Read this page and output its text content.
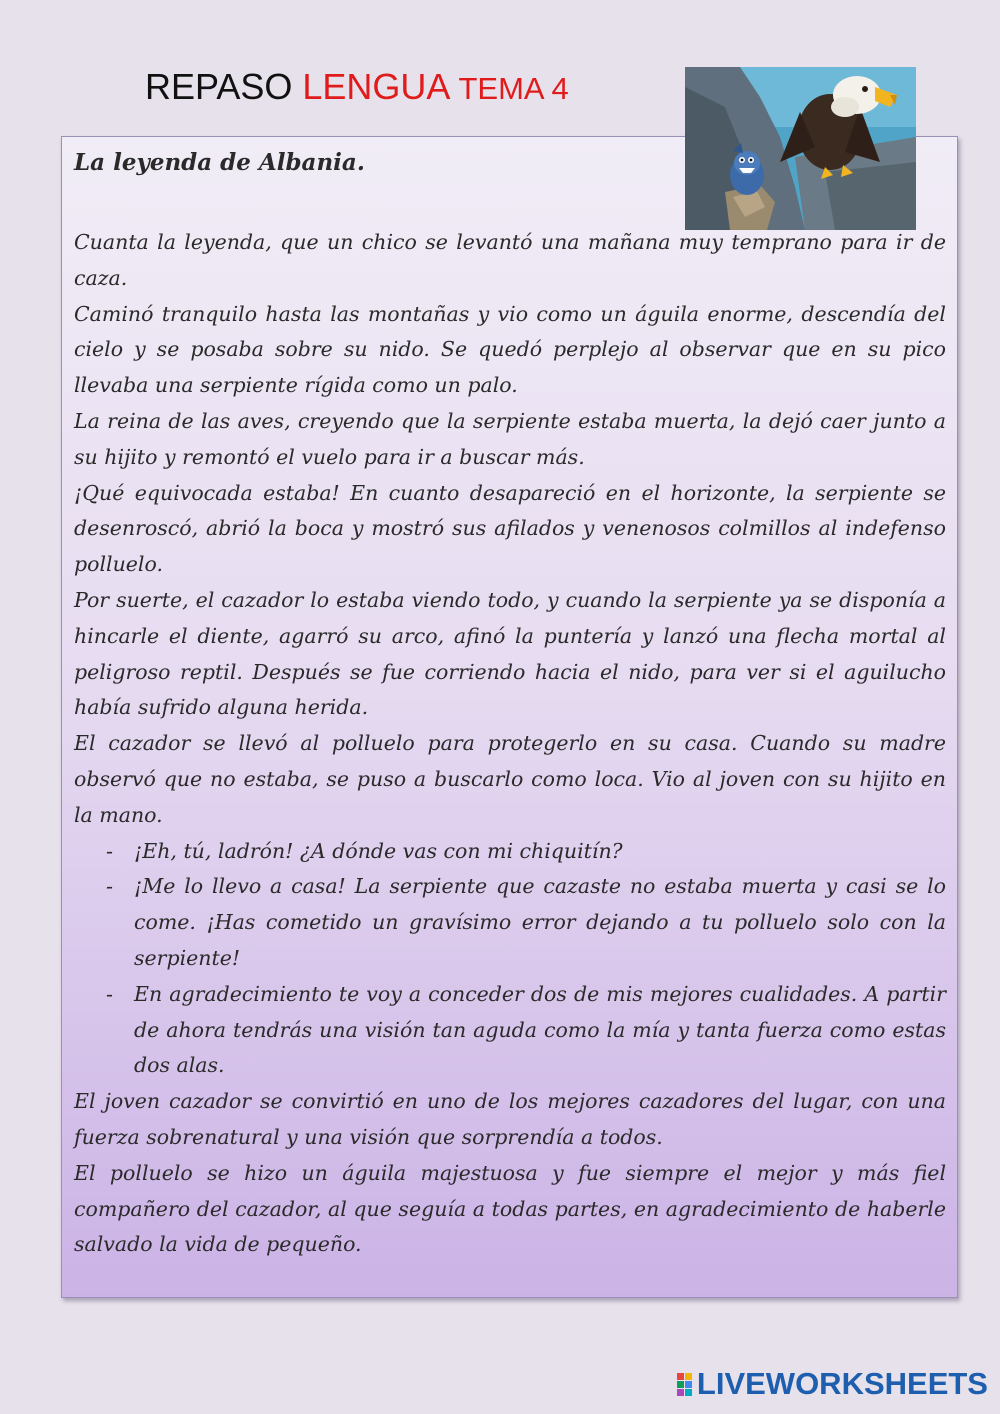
REPASO LENGUA TEMA 4
La leyenda de Albania.

Cuanta la leyenda, que un chico se levantó una mañana muy temprano para ir de caza.

Caminó tranquilo hasta las montañas y vio como un águila enorme, descendía del cielo y se posaba sobre su nido. Se quedó perplejo al observar que en su pico llevaba una serpiente rígida como un palo.

La reina de las aves, creyendo que la serpiente estaba muerta, la dejó caer junto a su hijito y remontó el vuelo para ir a buscar más.

¡Qué equivocada estaba! En cuanto desapareció en el horizonte, la serpiente se desenroscó, abrió la boca y mostró sus afilados y venenosos colmillos al indefenso polluelo.

Por suerte, el cazador lo estaba viendo todo, y cuando la serpiente ya se disponía a hincarle el diente, agarró su arco, afinó la puntería y lanzó una flecha mortal al peligroso reptil. Después se fue corriendo hacia el nido, para ver si el aguilucho había sufrido alguna herida.

El cazador se llevó al polluelo para protegerlo en su casa. Cuando su madre observó que no estaba, se puso a buscarlo como loca. Vio al joven con su hijito en la mano.

- ¡Eh, tú, ladrón! ¿A dónde vas con mi chiquitín?
- ¡Me lo llevo a casa! La serpiente que cazaste no estaba muerta y casi se lo come. ¡Has cometido un gravísimo error dejando a tu polluelo solo con la serpiente!
- En agradecimiento te voy a conceder dos de mis mejores cualidades. A partir de ahora tendrás una visión tan aguda como la mía y tanta fuerza como estas dos alas.

El joven cazador se convirtió en uno de los mejores cazadores del lugar, con una fuerza sobrenatural y una visión que sorprendía a todos.

El polluelo se hizo un águila majestuosa y fue siempre el mejor y más fiel compañero del cazador, al que seguía a todas partes, en agradecimiento de haberle salvado la vida de pequeño.

LIVEWORKSHEETS
